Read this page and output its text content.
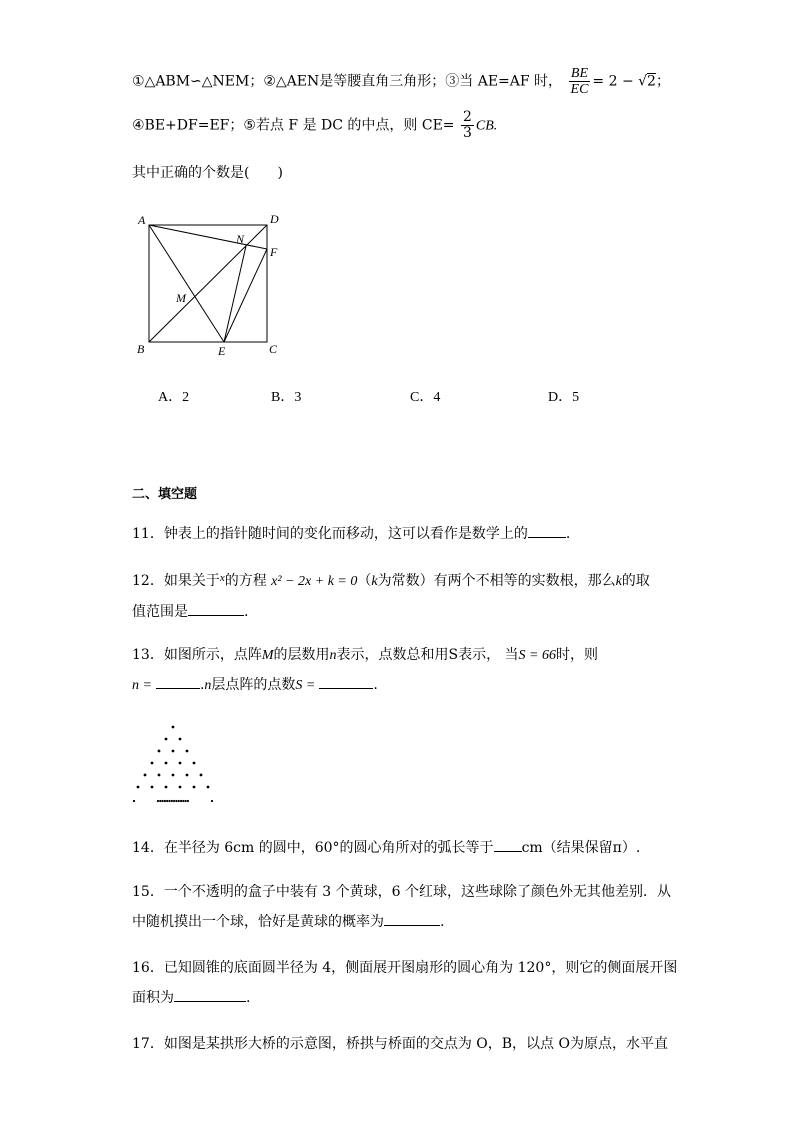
①△ABM∽△NEM；②△AEN是等腰直角三角形；③当 AE=AF 时， $\frac{BE}{EC} = 2 - √2$；
④BE+DF=EF；⑤若点 F 是 DC 的中点，则 $CE= \frac{2}{3}$ CB.
其中正确的个数是(　　)
A	D
N
F
M
B	E	C
A．2	B．3	C．4	D．5
二、填空题
11．钟表上的指针随时间的变化而移动，这可以看作是数学上的	.
12．如果关于$^x$的方程 x² − 2x + k = 0（k为常数）有两个不相等的实数根，那么k的取
值范围是	.
13．如图所示，点阵M的层数用n表示，点数总和用S表示， 当S = 66时，则
n =	.n层点阵的点数S =	.
14．在半径为 6cm 的圆中，60°的圆心角所对的弧长等于 cm（结果保留π）.
15．一个不透明的盒子中装有 3 个黄球，6 个红球，这些球除了颜色外无其他差别．从
中随机摸出一个球，恰好是黄球的概率为	.
16．已知圆锥的底面圆半径为 4，侧面展开图扇形的圆心角为 120°，则它的侧面展开图
面积为	.
17．如图是某拱形大桥的示意图，桥拱与桥面的交点为 O，B，以点 O为原点，水平直
